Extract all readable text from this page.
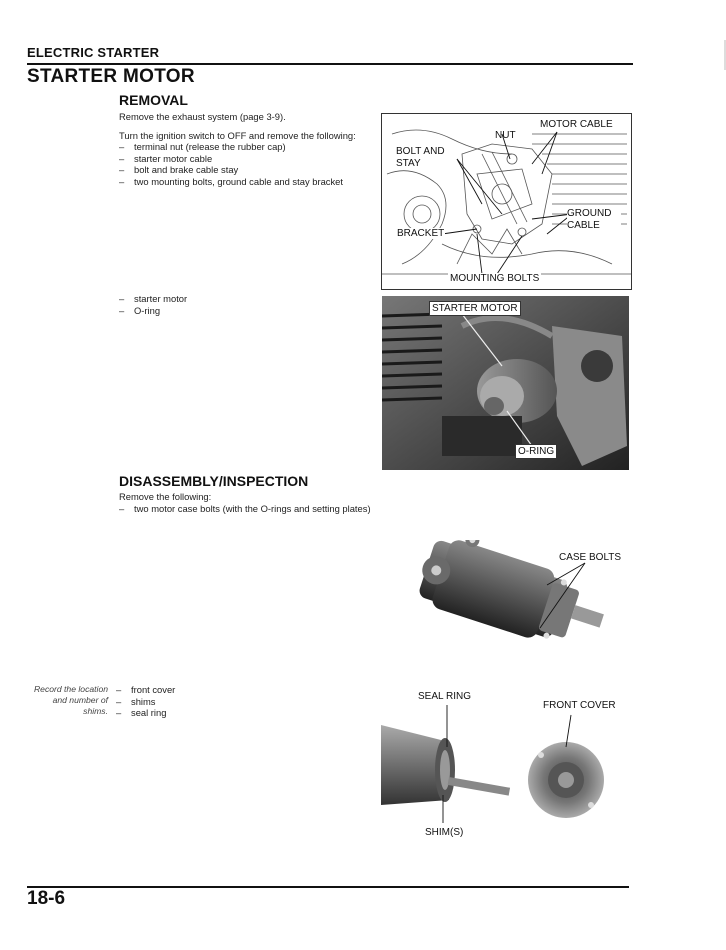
ELECTRIC STARTER
STARTER MOTOR
REMOVAL
Remove the exhaust system (page 3-9).
Turn the ignition switch to OFF and remove the following:
– terminal nut (release the rubber cap)
– starter motor cable
– bolt and brake cable stay
– two mounting bolts, ground cable and stay bracket
– starter motor
– O-ring
NUT
MOTOR CABLE
BOLT AND STAY
GROUND CABLE
BRACKET
MOUNTING BOLTS
STARTER MOTOR
O-RING
DISASSEMBLY/INSPECTION
Remove the following:
– two motor case bolts (with the O-rings and setting plates)
CASE BOLTS
Record the location and number of shims.
– front cover
– shims
– seal ring
SEAL RING
FRONT COVER
SHIM(S)
18-6
